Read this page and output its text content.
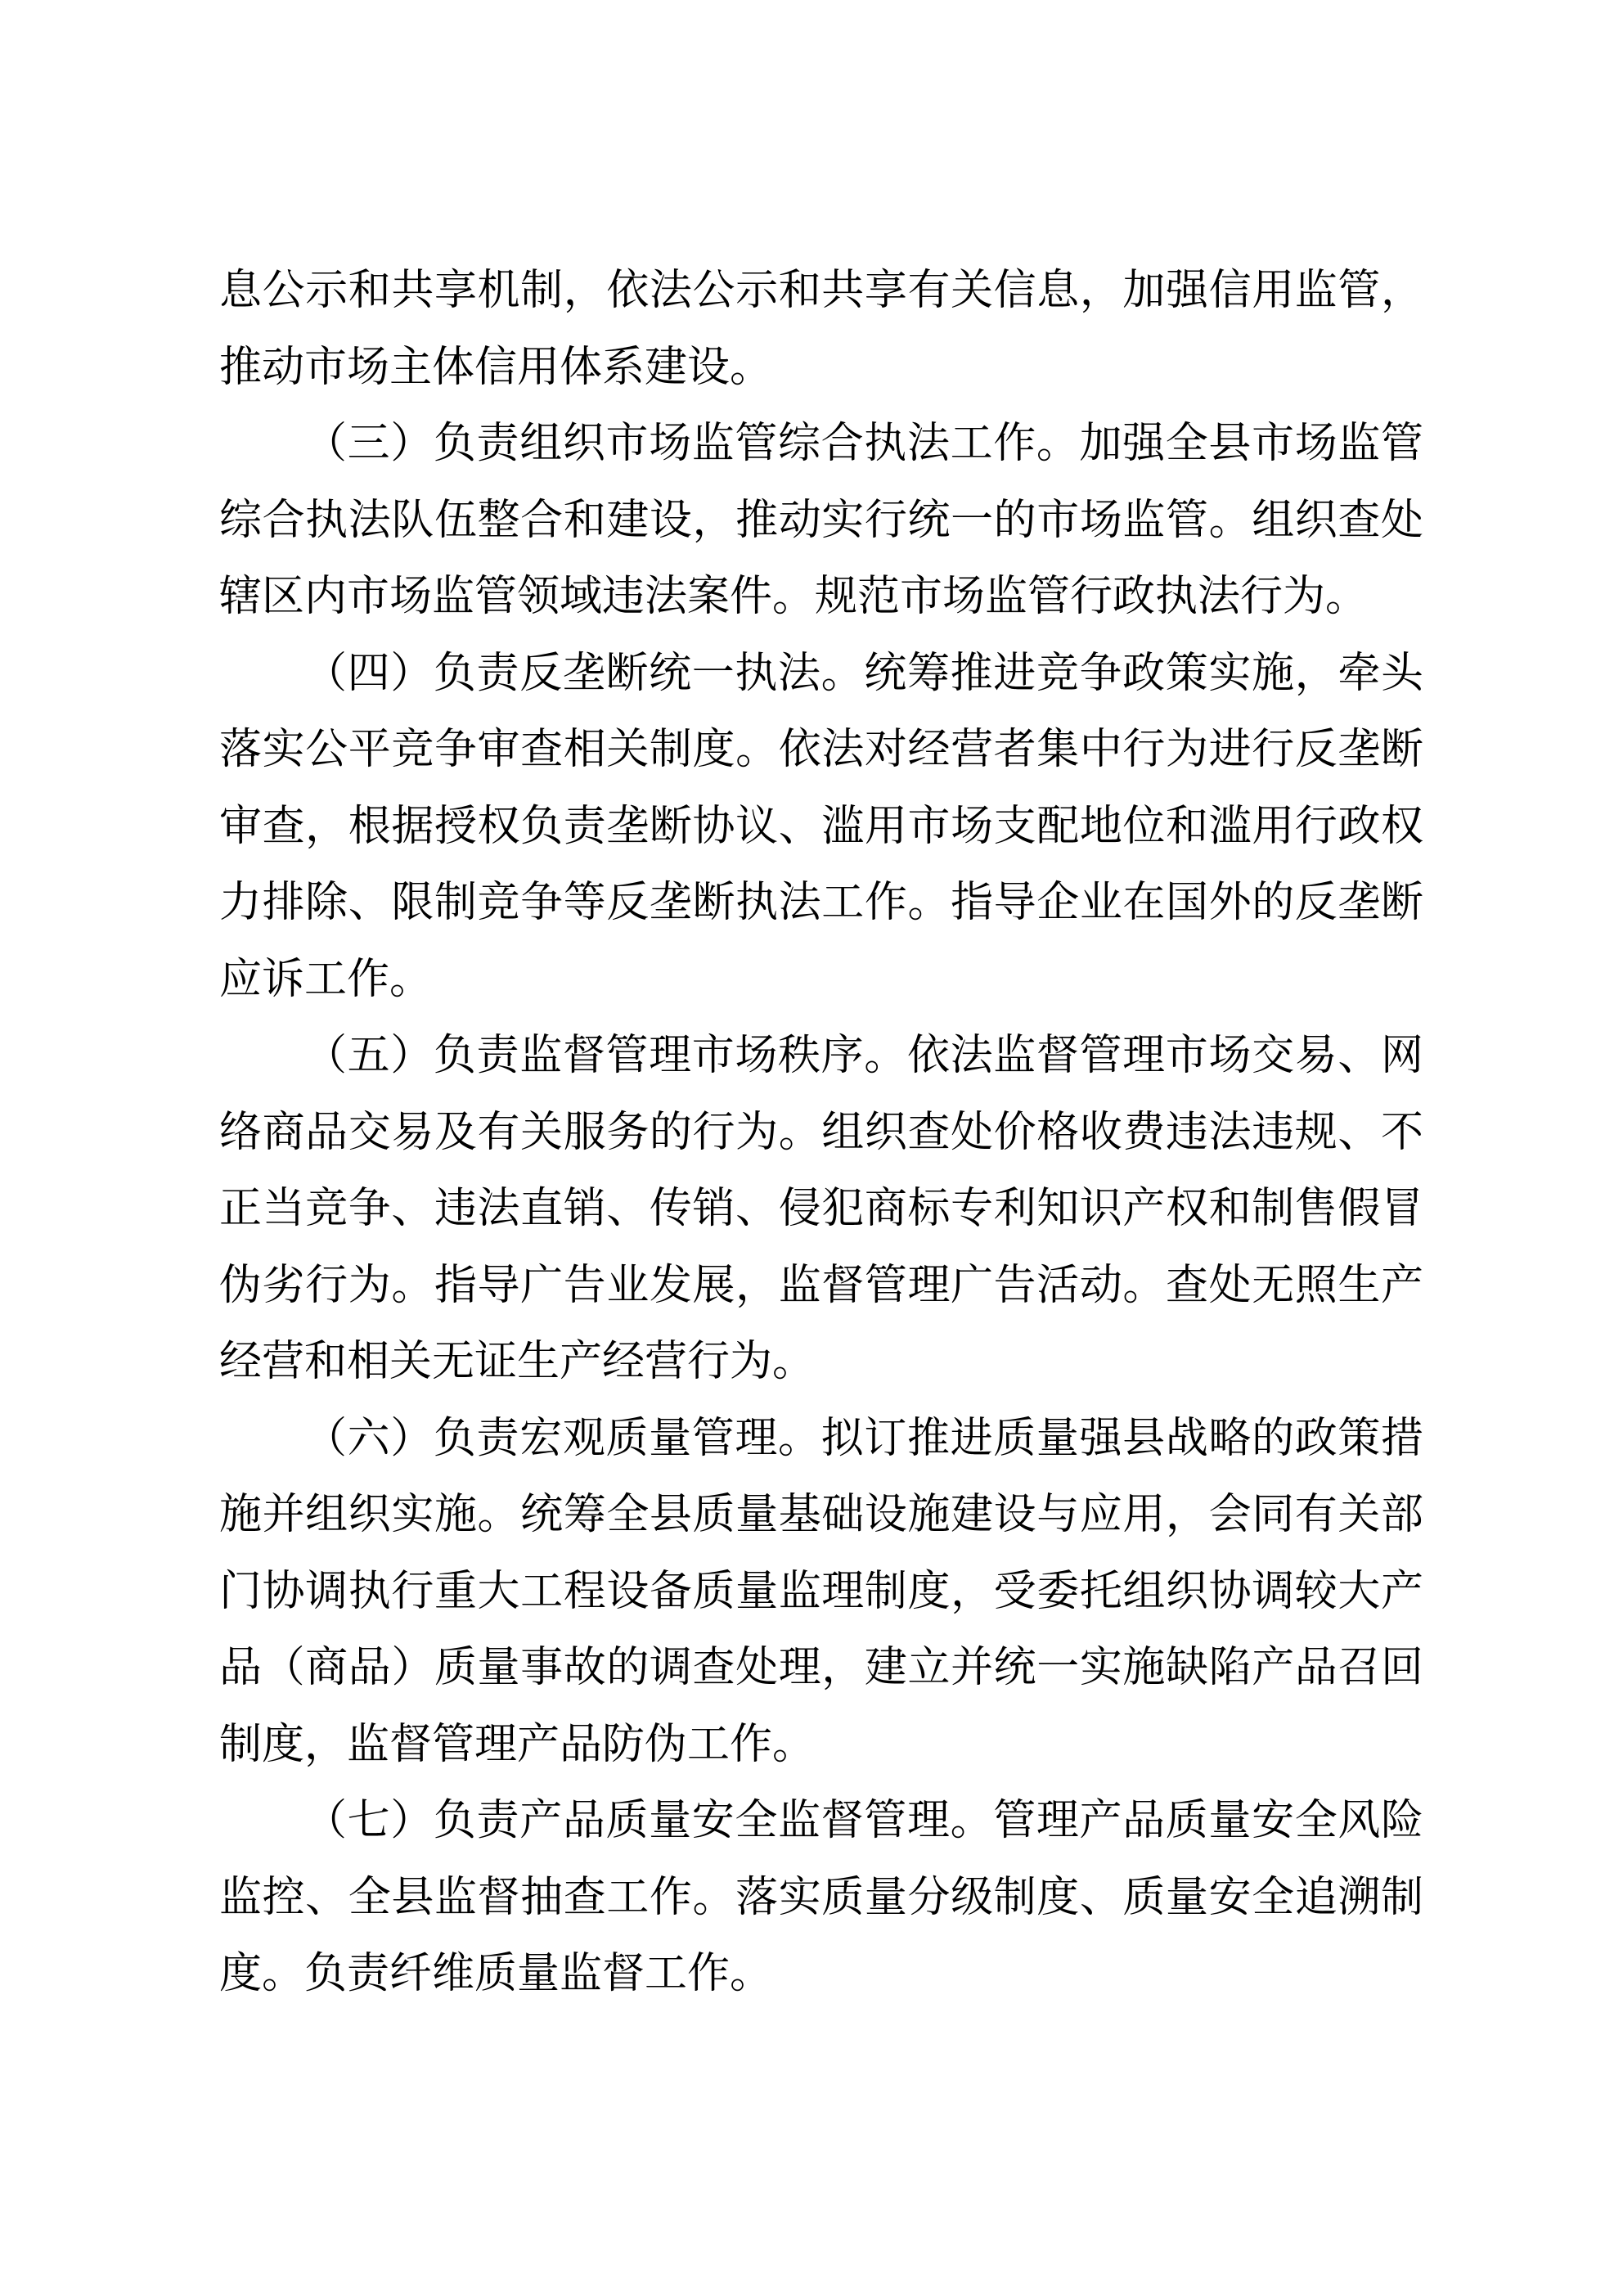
息公示和共享机制，依法公示和共享有关信息，加强信用监管，
推动市场主体信用体系建设。
（三）负责组织市场监管综合执法工作。加强全县市场监管
综合执法队伍整合和建设，推动实行统一的市场监管。组织查处
辖区内市场监管领域违法案件。规范市场监管行政执法行为。
（四）负责反垄断统一执法。统筹推进竞争政策实施，牵头
落实公平竞争审查相关制度。依法对经营者集中行为进行反垄断
审查，根据授权负责垄断协议、滥用市场支配地位和滥用行政权
力排除、限制竞争等反垄断执法工作。指导企业在国外的反垄断
应诉工作。
（五）负责监督管理市场秩序。依法监督管理市场交易、网
络商品交易及有关服务的行为。组织查处价格收费违法违规、不
正当竞争、违法直销、传销、侵犯商标专利知识产权和制售假冒
伪劣行为。指导广告业发展，监督管理广告活动。查处无照生产
经营和相关无证生产经营行为。
（六）负责宏观质量管理。拟订推进质量强县战略的政策措
施并组织实施。统筹全县质量基础设施建设与应用，会同有关部
门协调执行重大工程设备质量监理制度，受委托组织协调较大产
品（商品）质量事故的调查处理，建立并统一实施缺陷产品召回
制度，监督管理产品防伪工作。
（七）负责产品质量安全监督管理。管理产品质量安全风险
监控、全县监督抽查工作。落实质量分级制度、质量安全追溯制
度。负责纤维质量监督工作。
